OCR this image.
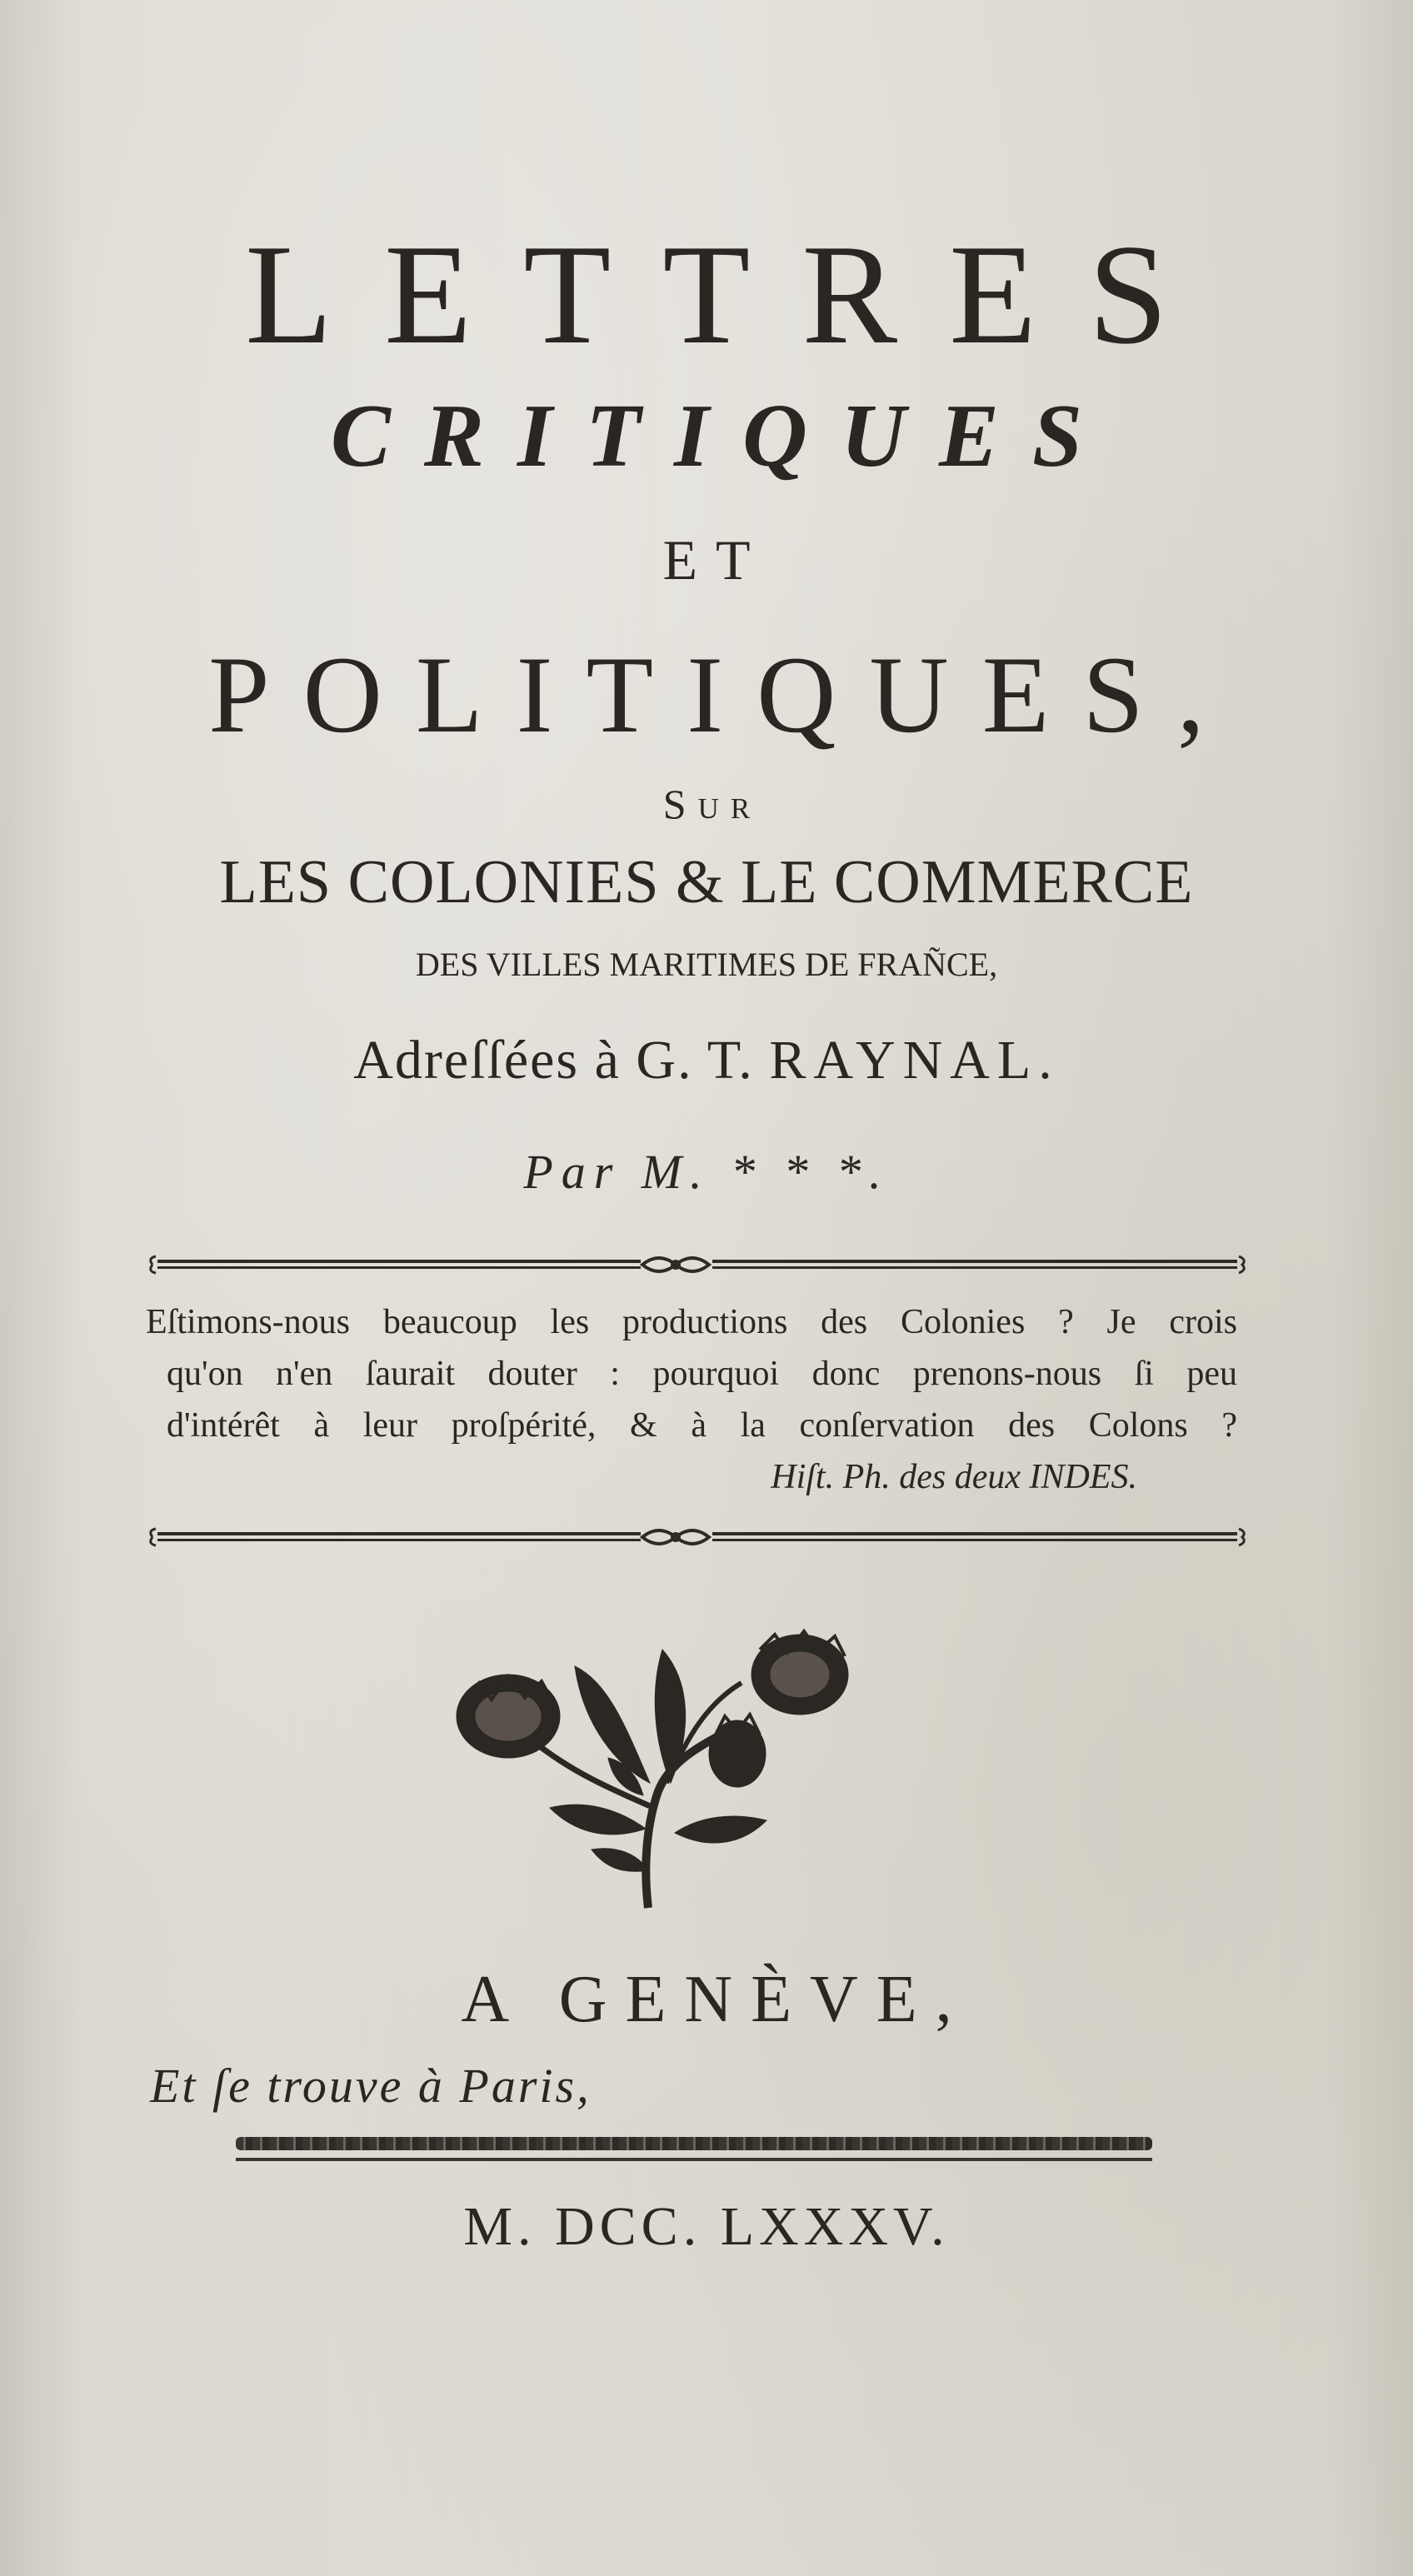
LETTRES
CRITIQUES
ET
POLITIQUES,
Sur
LES COLONIES & LE COMMERCE
DES VILLES MARITIMES DE FRAÑCE,
Adreſſées à G. T. RAYNAL.
Par M. * * *.
Eſtimons-nous beaucoup les productions des Colonies ? Je crois
qu'on n'en ſaurait douter : pourquoi donc prenons-nous ſi peu
d'intérêt à leur proſpérité, & à la conſervation des Colons ?
Hiſt. Ph. des deux INDES.
A GENÈVE,
Et ſe trouve à Paris,
M. DCC. LXXXV.
